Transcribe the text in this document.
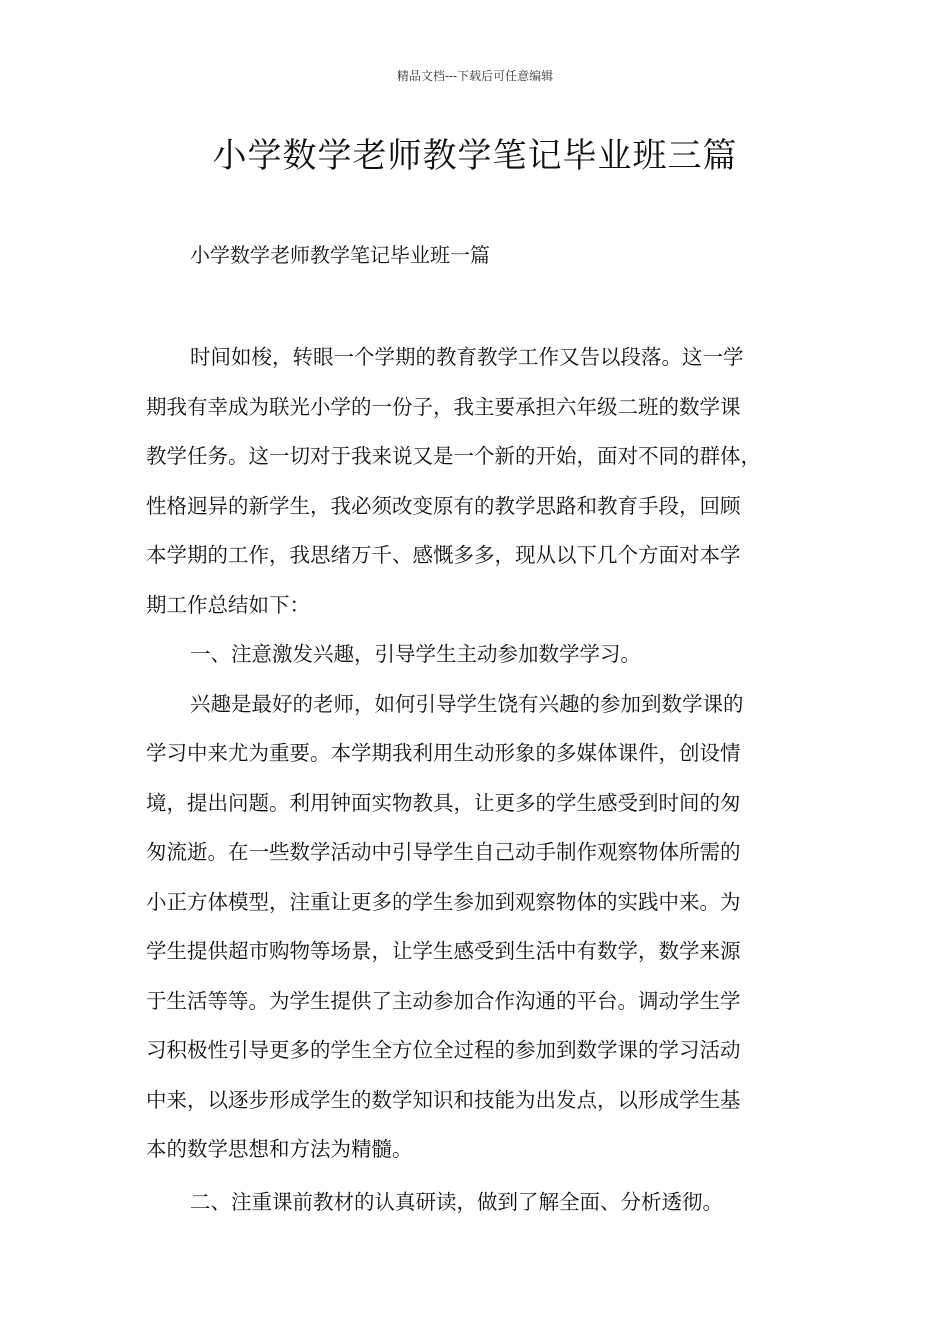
精品文档---下载后可任意编辑
小学数学老师教学笔记毕业班三篇

小学数学老师教学笔记毕业班一篇

时间如梭，转眼一个学期的教育教学工作又告以段落。这一学
期我有幸成为联光小学的一份子，我主要承担六年级二班的数学课
教学任务。这一切对于我来说又是一个新的开始，面对不同的群体，
性格迥异的新学生，我必须改变原有的教学思路和教育手段，回顾
本学期的工作，我思绪万千、感慨多多，现从以下几个方面对本学
期工作总结如下：
一、注意激发兴趣，引导学生主动参加数学学习。
兴趣是最好的老师，如何引导学生饶有兴趣的参加到数学课的
学习中来尤为重要。本学期我利用生动形象的多媒体课件，创设情
境，提出问题。利用钟面实物教具，让更多的学生感受到时间的匆
匆流逝。在一些数学活动中引导学生自己动手制作观察物体所需的
小正方体模型，注重让更多的学生参加到观察物体的实践中来。为
学生提供超市购物等场景，让学生感受到生活中有数学，数学来源
于生活等等。为学生提供了主动参加合作沟通的平台。调动学生学
习积极性引导更多的学生全方位全过程的参加到数学课的学习活动
中来，以逐步形成学生的数学知识和技能为出发点，以形成学生基
本的数学思想和方法为精髓。
二、注重课前教材的认真研读，做到了解全面、分析透彻。
